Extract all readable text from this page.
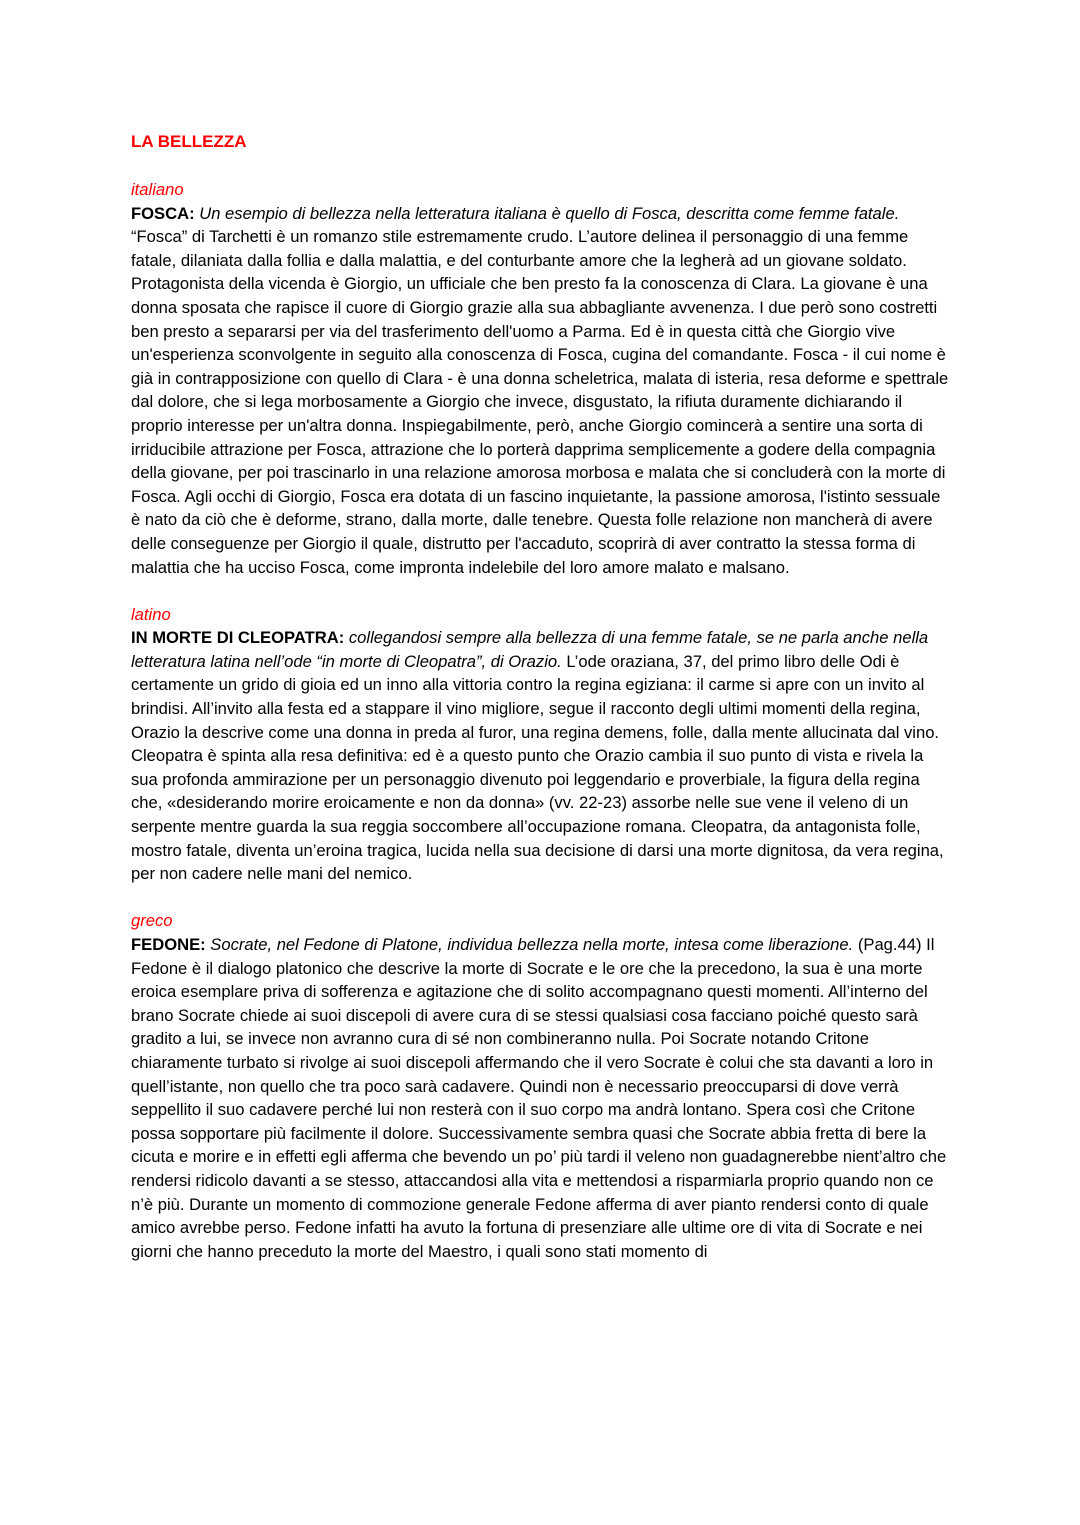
LA BELLEZZA
italiano

FOSCA: Un esempio di bellezza nella letteratura italiana è quello di Fosca, descritta come femme fatale. “Fosca” di Tarchetti è un romanzo stile estremamente crudo. L’autore delinea il personaggio di una femme fatale, dilaniata dalla follia e dalla malattia, e del conturbante amore che la legherà ad un giovane soldato. Protagonista della vicenda è Giorgio, un ufficiale che ben presto fa la conoscenza di Clara. La giovane è una donna sposata che rapisce il cuore di Giorgio grazie alla sua abbagliante avvenenza. I due però sono costretti ben presto a separarsi per via del trasferimento dell'uomo a Parma. Ed è in questa città che Giorgio vive un'esperienza sconvolgente in seguito alla conoscenza di Fosca, cugina del comandante. Fosca - il cui nome è già in contrapposizione con quello di Clara - è una donna scheletrica, malata di isteria, resa deforme e spettrale dal dolore, che si lega morbosamente a Giorgio che invece, disgustato, la rifiuta duramente dichiarando il proprio interesse per un'altra donna. Inspiegabilmente, però, anche Giorgio comincerà a sentire una sorta di irriducibile attrazione per Fosca, attrazione che lo porterà dapprima semplicemente a godere della compagnia della giovane, per poi trascinarlo in una relazione amorosa morbosa e malata che si concluderà con la morte di Fosca. Agli occhi di Giorgio, Fosca era dotata di un fascino inquietante, la passione amorosa, l'istinto sessuale è nato da ciò che è deforme, strano, dalla morte, dalle tenebre. Questa folle relazione non mancherà di avere delle conseguenze per Giorgio il quale, distrutto per l'accaduto, scoprirà di aver contratto la stessa forma di malattia che ha ucciso Fosca, come impronta indelebile del loro amore malato e malsano.

latino

IN MORTE DI CLEOPATRA: collegandosi sempre alla bellezza di una femme fatale, se ne parla anche nella letteratura latina nell’ode “in morte di Cleopatra”, di Orazio. L’ode oraziana, 37, del primo libro delle Odi è certamente un grido di gioia ed un inno alla vittoria contro la regina egiziana: il carme si apre con un invito al brindisi. All’invito alla festa ed a stappare il vino migliore, segue il racconto degli ultimi momenti della regina, Orazio la descrive come una donna in preda al furor, una regina demens, folle, dalla mente allucinata dal vino. Cleopatra è spinta alla resa definitiva: ed è a questo punto che Orazio cambia il suo punto di vista e rivela la sua profonda ammirazione per un personaggio divenuto poi leggendario e proverbiale, la figura della regina che, «desiderando morire eroicamente e non da donna» (vv. 22-23) assorbe nelle sue vene il veleno di un serpente mentre guarda la sua reggia soccombere all’occupazione romana. Cleopatra, da antagonista folle, mostro fatale, diventa un’eroina tragica, lucida nella sua decisione di darsi una morte dignitosa, da vera regina, per non cadere nelle mani del nemico.

greco

FEDONE: Socrate, nel Fedone di Platone, individua bellezza nella morte, intesa come liberazione. (Pag.44) Il Fedone è il dialogo platonico che descrive la morte di Socrate e le ore che la precedono, la sua è una morte eroica esemplare priva di sofferenza e agitazione che di solito accompagnano questi momenti. All’interno del brano Socrate chiede ai suoi discepoli di avere cura di se stessi qualsiasi cosa facciano poiché questo sarà gradito a lui, se invece non avranno cura di sé non combineranno nulla. Poi Socrate notando Critone chiaramente turbato si rivolge ai suoi discepoli affermando che il vero Socrate è colui che sta davanti a loro in quell’istante, non quello che tra poco sarà cadavere. Quindi non è necessario preoccuparsi di dove verrà seppellito il suo cadavere perché lui non resterà con il suo corpo ma andrà lontano. Spera così che Critone possa sopportare più facilmente il dolore. Successivamente sembra quasi che Socrate abbia fretta di bere la cicuta e morire e in effetti egli afferma che bevendo un po’ più tardi il veleno non guadagnerebbe nient’altro che rendersi ridicolo davanti a se stesso, attaccandosi alla vita e mettendosi a risparmiarla proprio quando non ce n’è più. Durante un momento di commozione generale Fedone afferma di aver pianto rendersi conto di quale amico avrebbe perso. Fedone infatti ha avuto la fortuna di presenziare alle ultime ore di vita di Socrate e nei giorni che hanno preceduto la morte del Maestro, i quali sono stati momento di
